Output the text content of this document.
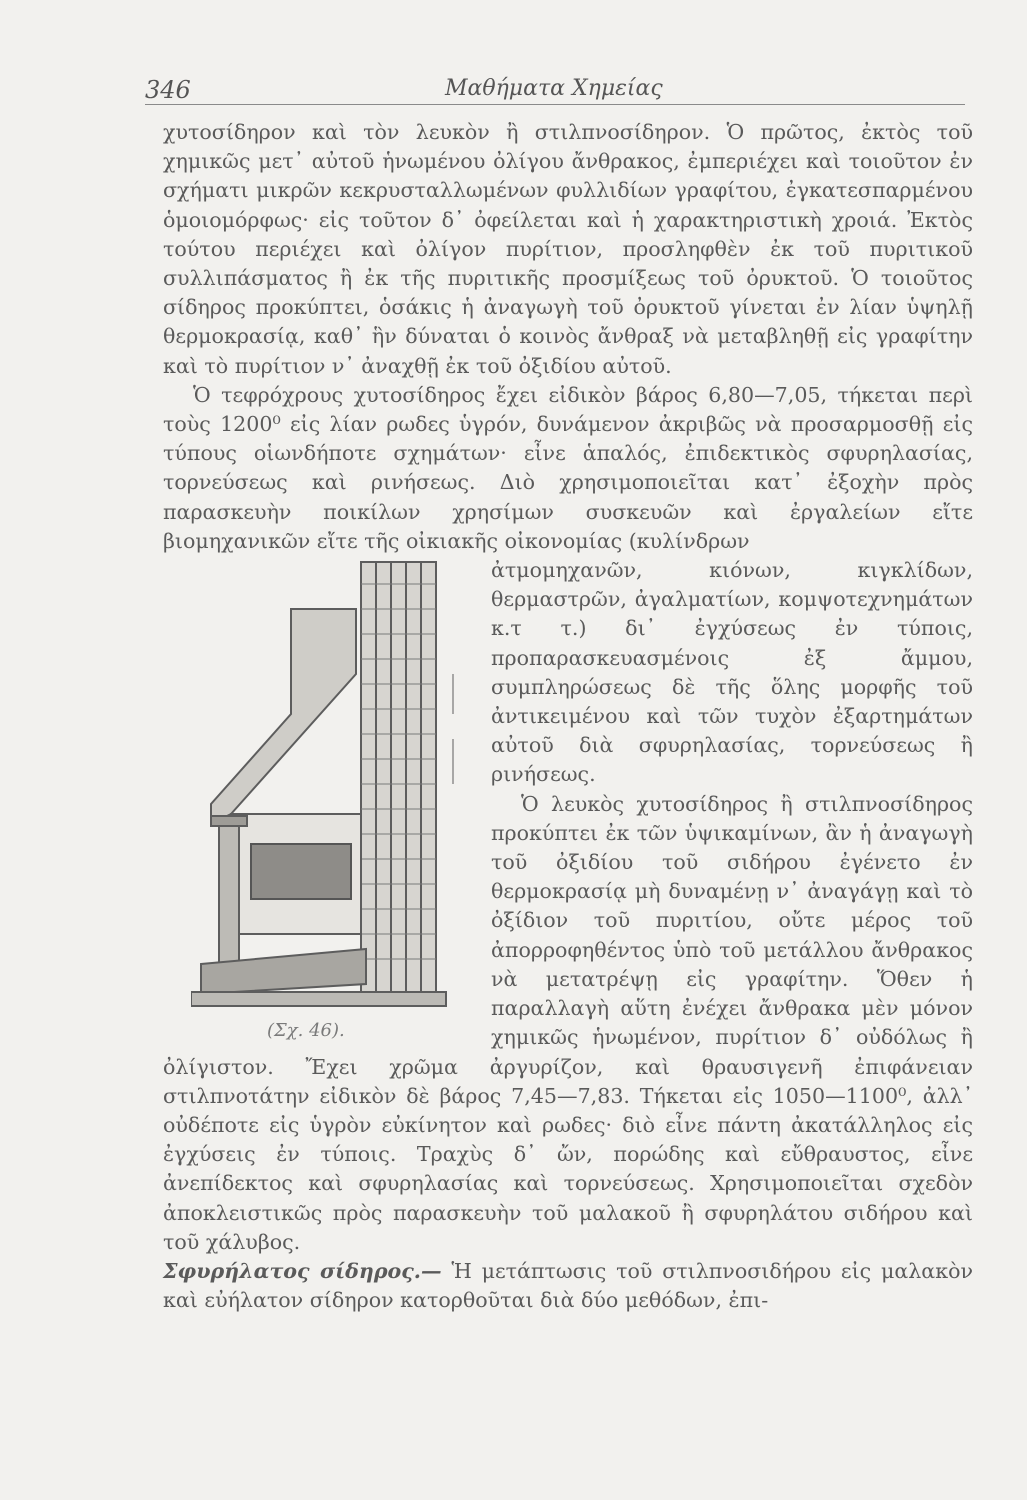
346	Μαθήματα Χημείας

χυτοσίδηρον καὶ τὸν λευκὸν ἢ στιλπνοσίδηρον. Ὁ πρῶτος, ἐκτὸς τοῦ χημικῶς μετ᾿ αὐτοῦ ἡνωμένου ὀλίγου ἄνθρακος, ἐμπεριέχει καὶ τοιοῦτον ἐν σχήματι μικρῶν κεκρυσταλλωμένων φυλλιδίων γραφίτου, ἐγκατεσπαρμένου ὁμοιομόρφως· εἰς τοῦτον δ᾿ ὀφείλεται καὶ ἡ χαρακτηριστικὴ χροιά. Ἐκτὸς τούτου περιέχει καὶ ὀλίγον πυρίτιον, προσληφθὲν ἐκ τοῦ πυριτικοῦ συλλιπάσματος ἢ ἐκ τῆς πυριτικῆς προσμίξεως τοῦ ὀρυκτοῦ. Ὁ τοιοῦτος σίδηρος προκύπτει, ὁσάκις ἡ ἀναγωγὴ τοῦ ὀρυκτοῦ γίνεται ἐν λίαν ὑψηλῇ θερμοκρασίᾳ, καθ᾿ ἣν δύναται ὁ κοινὸς ἄνθραξ νὰ μεταβληθῇ εἰς γραφίτην καὶ τὸ πυρίτιον ν᾿ ἀναχθῇ ἐκ τοῦ ὀξιδίου αὐτοῦ.

Ὁ τεφρόχρους χυτοσίδηρος ἔχει εἰδικὸν βάρος 6,80—7,05, τήκεται περὶ τοὺς 1200⁰ εἰς λίαν ρωδες ὑγρόν, δυνάμενον ἀκριβῶς νὰ προσαρμοσθῇ εἰς τύπους οἱωνδήποτε σχημάτων· εἶνε ἁπαλός, ἐπιδεκτικὸς σφυρηλασίας, τορνεύσεως καὶ ρινήσεως. Διὸ χρησιμοποιεῖται κατ᾿ ἐξοχὴν πρὸς παρασκευὴν ποικίλων χρησίμων συσκευῶν καὶ ἐργαλείων εἴτε βιομηχανικῶν εἴτε τῆς οἰκιακῆς οἰκονομίας (κυλίνδρων

(Σχ. 46).

ἀτμομηχανῶν, κιόνων, κιγκλίδων, θερμαστρῶν, ἀγαλματίων, κομψοτεχνημάτων κ.τ τ.) δι᾿ ἐγχύσεως ἐν τύποις, προπαρασκευασμένοις ἐξ ἄμμου, συμπληρώσεως δὲ τῆς ὅλης μορφῆς τοῦ ἀντικειμένου καὶ τῶν τυχὸν ἐξαρτημάτων αὐτοῦ διὰ σφυρηλασίας, τορνεύσεως ἢ ρινήσεως.

Ὁ λευκὸς χυτοσίδηρος ἢ στιλπνοσίδηρος προκύπτει ἐκ τῶν ὑψικαμίνων, ἂν ἡ ἀναγωγὴ τοῦ ὀξιδίου τοῦ σιδήρου ἐγένετο ἐν θερμοκρασίᾳ μὴ δυναμένῃ ν᾿ ἀναγάγῃ καὶ τὸ ὀξίδιον τοῦ πυριτίου, οὔτε μέρος τοῦ ἀπορροφηθέντος ὑπὸ τοῦ μετάλλου ἄνθρακος νὰ μετατρέψῃ εἰς γραφίτην. Ὅθεν ἡ παραλλαγὴ αὕτη ἐνέχει ἄνθρακα μὲν μόνον χημικῶς ἡνωμένον, πυρίτιον δ᾿ οὐδόλως ἢ ὀλίγιστον. Ἔχει χρῶμα ἀργυρίζον, καὶ θραυσιγενῆ ἐπιφάνειαν στιλπνοτάτην εἰδικὸν δὲ βάρος 7,45—7,83. Τήκεται εἰς 1050—1100⁰, ἀλλ᾿ οὐδέποτε εἰς ὑγρὸν εὐκίνητον καὶ ρωδες· διὸ εἶνε πάντη ἀκατάλληλος εἰς ἐγχύσεις ἐν τύποις. Τραχὺς δ᾿ ὤν, πορώδης καὶ εὔθραυστος, εἶνε ἀνεπίδεκτος καὶ σφυρηλασίας καὶ τορνεύσεως. Χρησιμοποιεῖται σχεδὸν ἀποκλειστικῶς πρὸς παρασκευὴν τοῦ μαλακοῦ ἢ σφυρηλάτου σιδήρου καὶ τοῦ χάλυβος.

Σφυρήλατος σίδηρος.— Ἡ μετάπτωσις τοῦ στιλπνοσιδήρου εἰς μαλακὸν καὶ εὐήλατον σίδηρον κατορθοῦται διὰ δύο μεθόδων, ἐπι-
